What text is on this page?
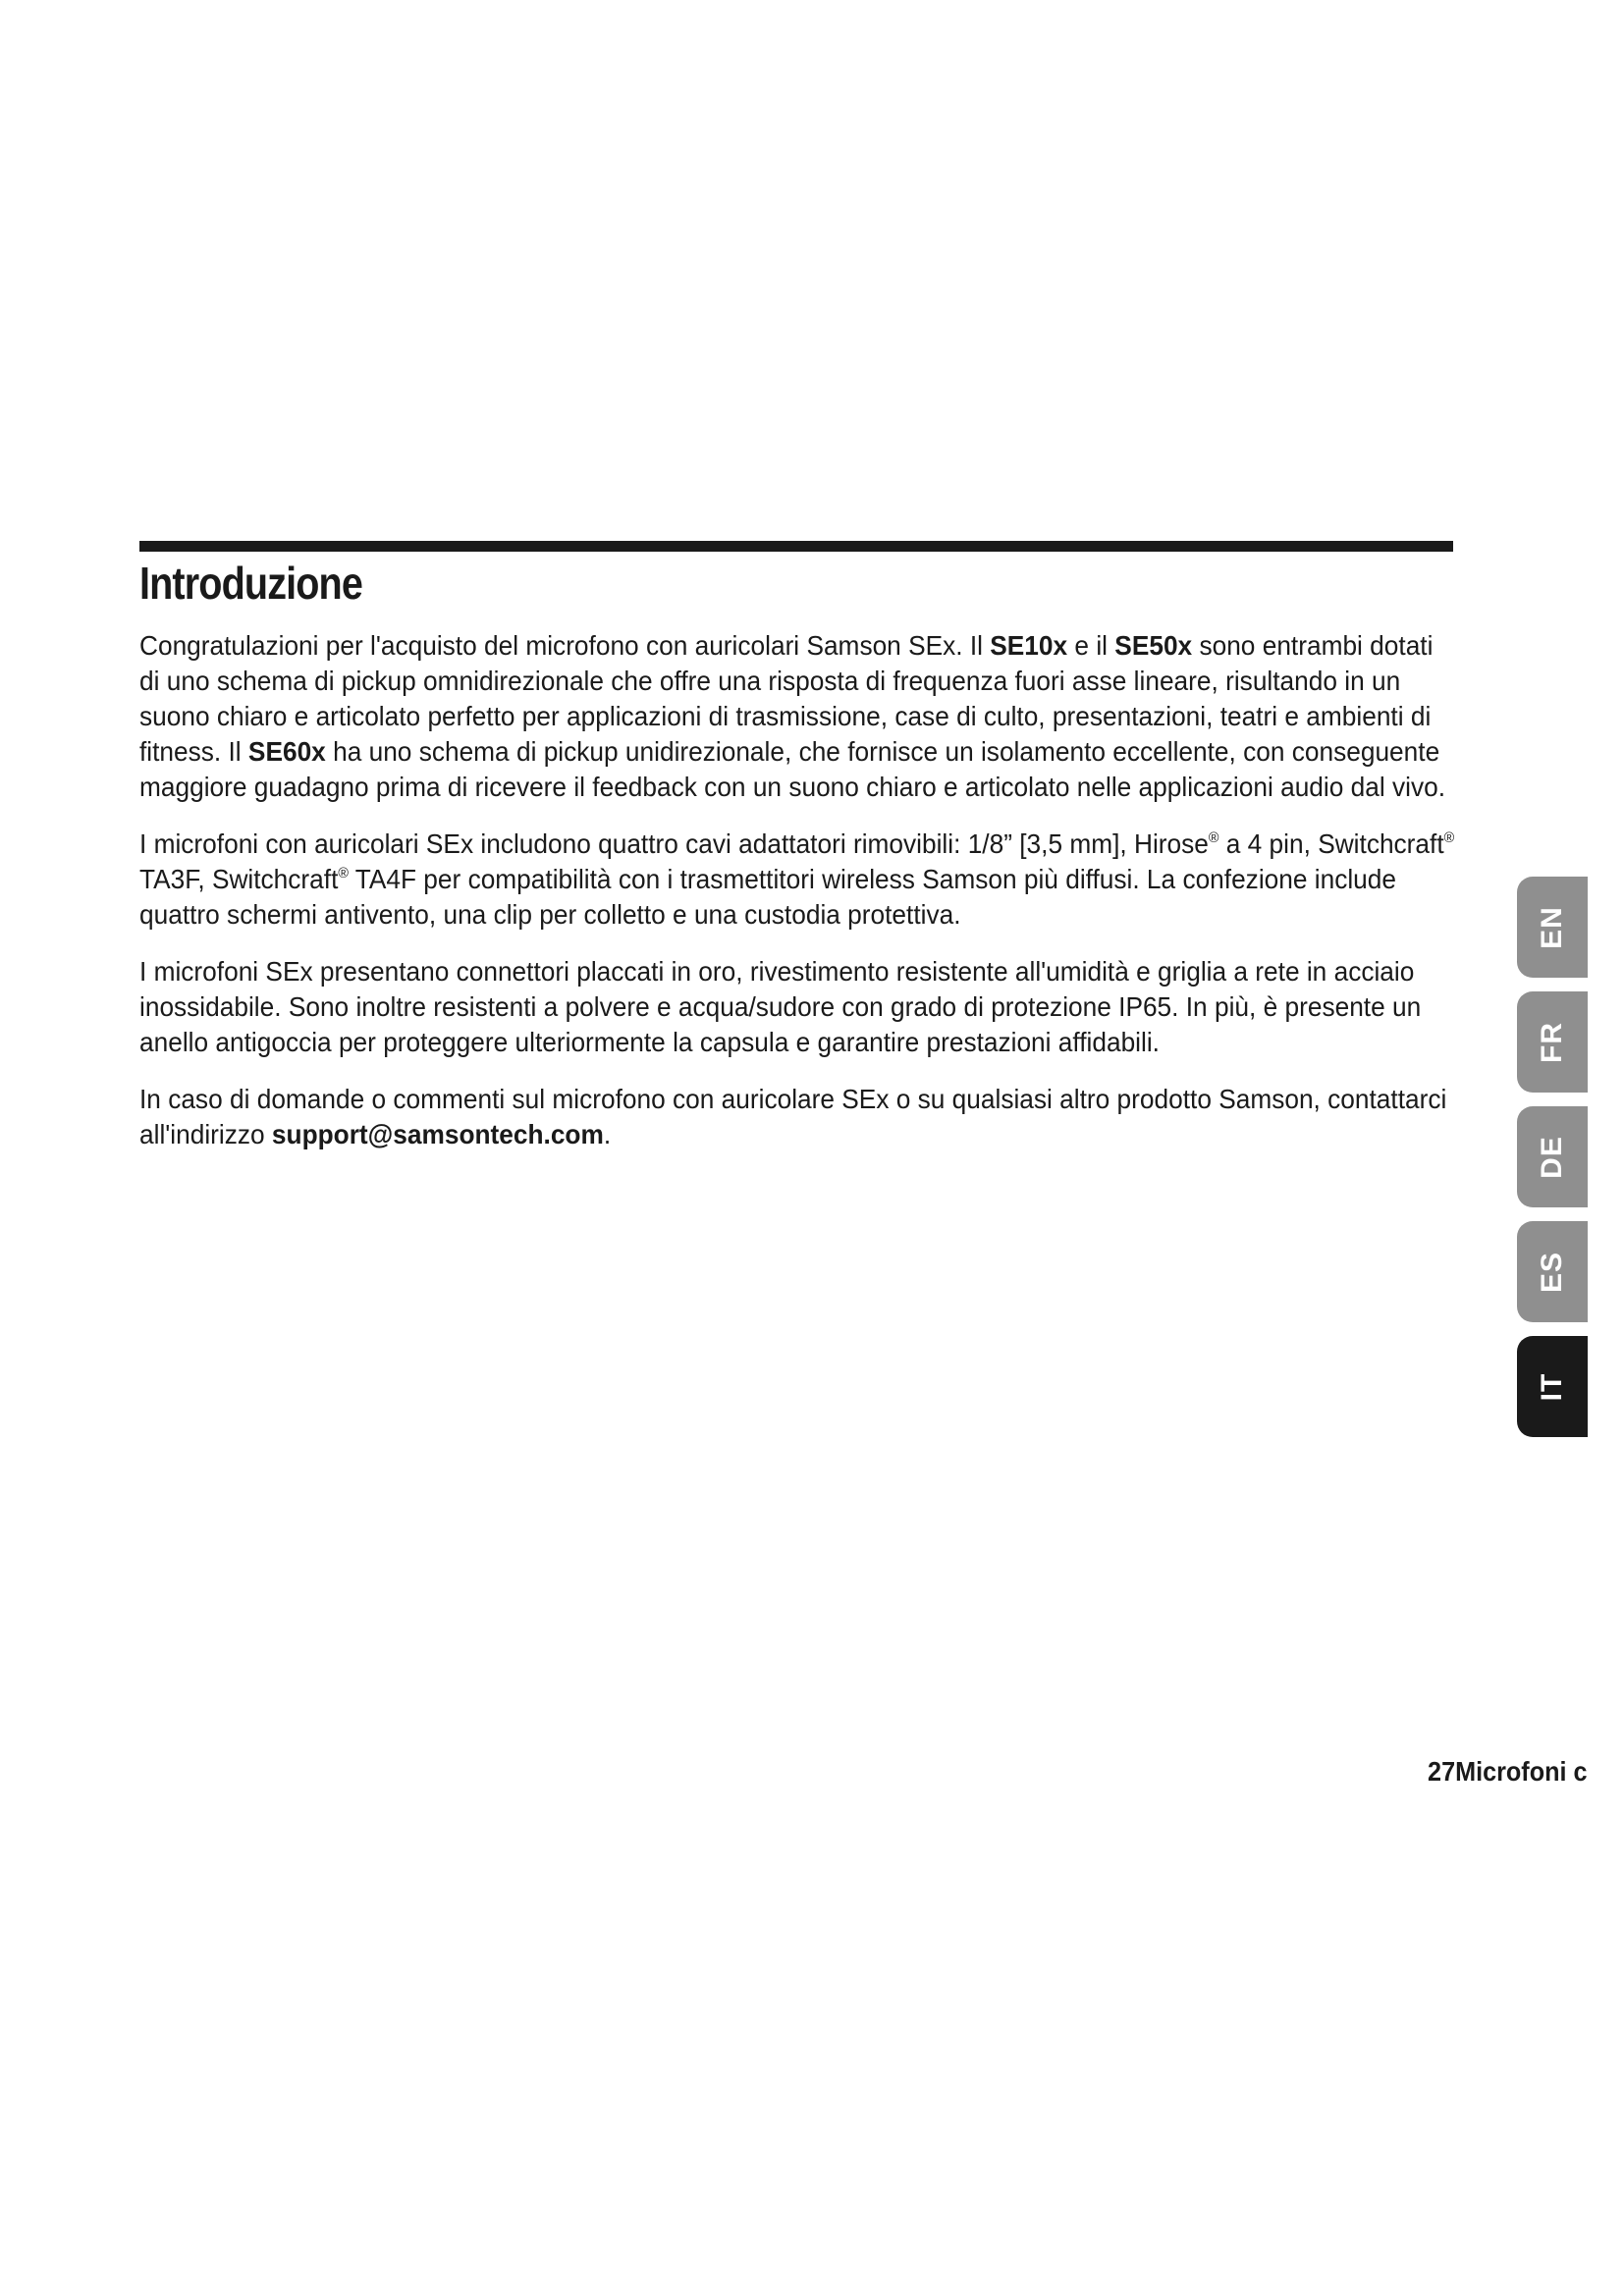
Introduzione

Congratulazioni per l'acquisto del microfono con auricolari Samson SEx. Il SE10x e il SE50x sono entrambi dotati di uno schema di pickup omnidirezionale che offre una risposta di frequenza fuori asse lineare, risultando in un suono chiaro e articolato perfetto per applicazioni di trasmissione, case di culto, presentazioni, teatri e ambienti di fitness. Il SE60x ha uno schema di pickup unidirezionale, che fornisce un isolamento eccellente, con conseguente maggiore guadagno prima di ricevere il feedback con un suono chiaro e articolato nelle applicazioni audio dal vivo.

I microfoni con auricolari SEx includono quattro cavi adattatori rimovibili: 1/8” [3,5 mm], Hirose® a 4 pin, Switchcraft® TA3F, Switchcraft® TA4F per compatibilità con i trasmettitori wireless Samson più diffusi. La confezione include quattro schermi antivento, una clip per colletto e una custodia protettiva.

I microfoni SEx presentano connettori placcati in oro, rivestimento resistente all'umidità e griglia a rete in acciaio inossidabile. Sono inoltre resistenti a polvere e acqua/sudore con grado di protezione IP65. In più, è presente un anello antigoccia per proteggere ulteriormente la capsula e garantire prestazioni affidabili.

In caso di domande o commenti sul microfono con auricolare SEx o su qualsiasi altro prodotto Samson, contattarci all'indirizzo support@samsontech.com.

EN
FR
DE
ES
IT
27Microfoni c
